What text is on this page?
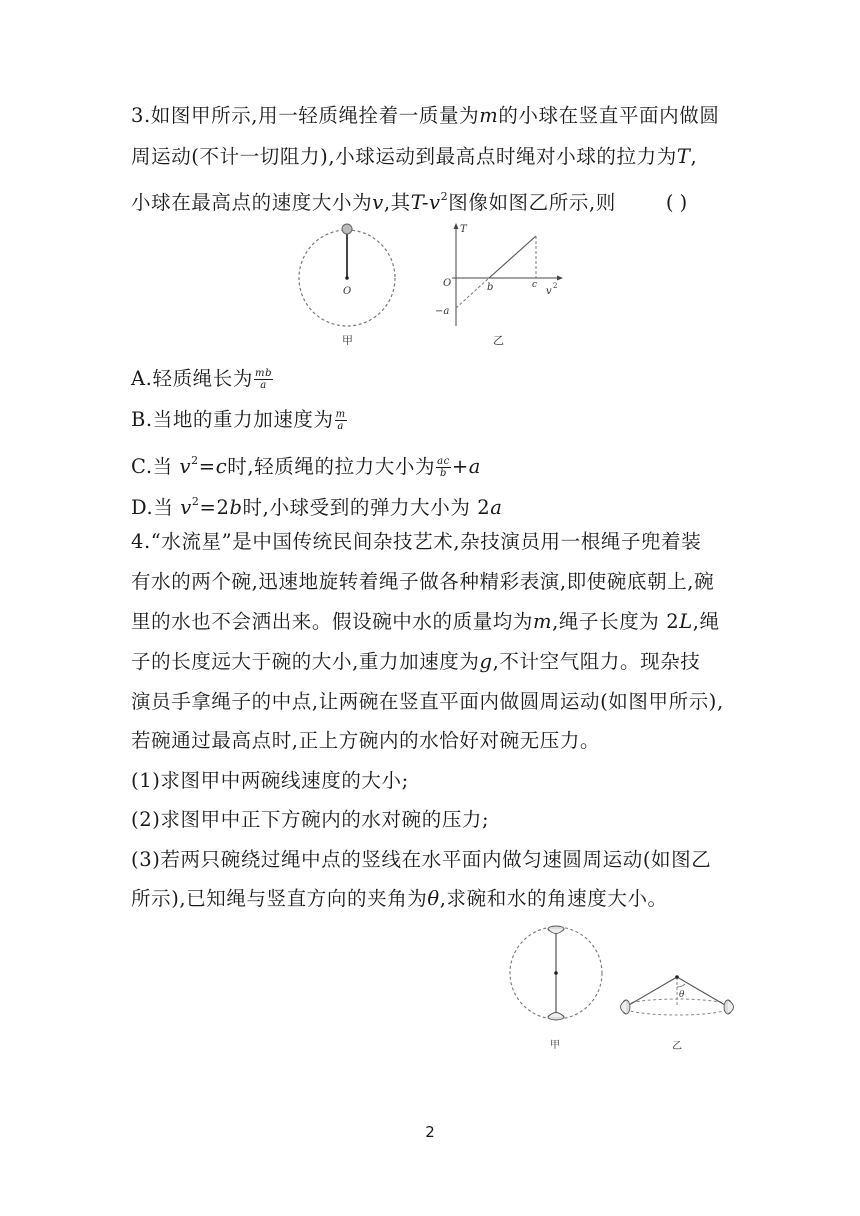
3.如图甲所示,用一轻质绳拴着一质量为m的小球在竖直平面内做圆
周运动(不计一切阻力),小球运动到最高点时绳对小球的拉力为T,
小球在最高点的速度大小为v,其$T-v^2$图像如图乙所示,则	( )
O
甲
T
O
−a
b	c
v 2
乙
A.轻质绳长为 $\frac{mb}{a}$
B.当地的重力加速度为 $\frac{m}{a}$
C.当 $v^2=c$时,轻质绳的拉力大小为 $\frac{ac}{b} +a$
D.当 $v^2=2b$时,小球受到的弹力大小为 2a
4.“水流星”是中国传统民间杂技艺术,杂技演员用一根绳子兜着装
有水的两个碗,迅速地旋转着绳子做各种精彩表演,即使碗底朝上,碗
里的水也不会洒出来。假设碗中水的质量均为m,绳子长度为 2L,绳
子的长度远大于碗的大小,重力加速度为g,不计空气阻力。现杂技
演员手拿绳子的中点,让两碗在竖直平面内做圆周运动(如图甲所示),
若碗通过最高点时,正上方碗内的水恰好对碗无压力。
(1)求图甲中两碗线速度的大小;
(2)求图甲中正下方碗内的水对碗的压力;
(3)若两只碗绕过绳中点的竖线在水平面内做匀速圆周运动(如图乙
所示),已知绳与竖直方向的夹角为θ,求碗和水的角速度大小。
甲
θ
乙
2
